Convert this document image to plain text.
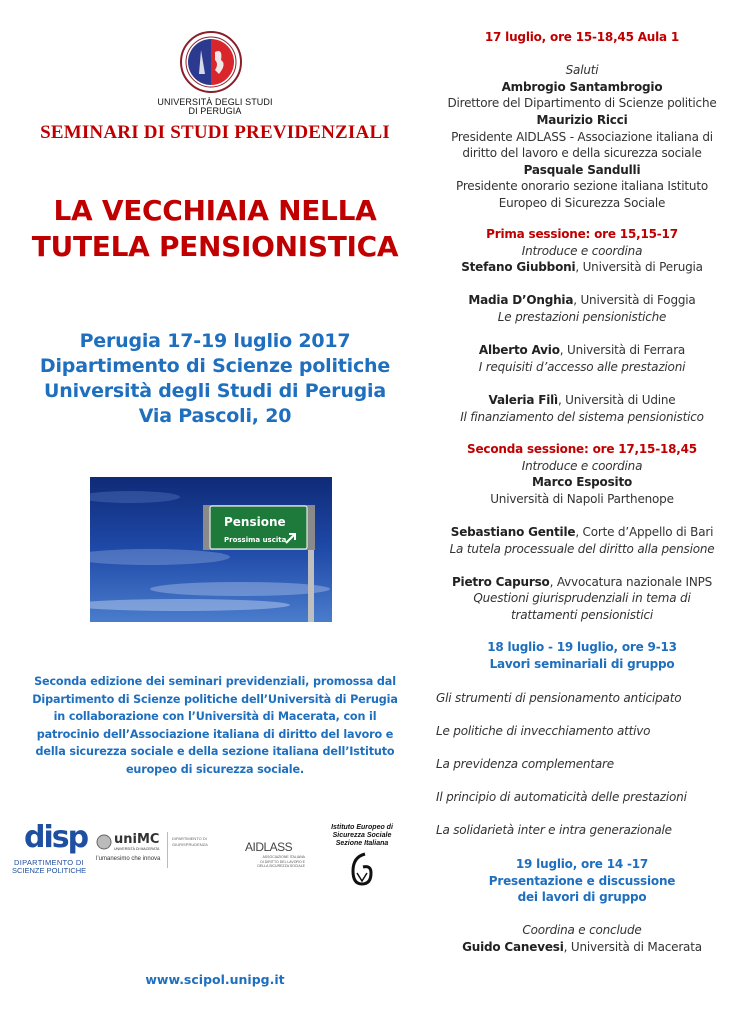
UNIVERSITÀ DEGLI STUDI
DI PERUGIA
SEMINARI DI STUDI PREVIDENZIALI
LA VECCHIAIA NELLA
TUTELA PENSIONISTICA
Perugia 17-19 luglio 2017
Dipartimento di Scienze politiche
Università degli Studi di Perugia
Via Pascoli, 20
Pensione
Prossima uscita
Seconda edizione dei seminari previdenziali, promossa dal
Dipartimento di Scienze politiche dell’Università di Perugia
in collaborazione con l’Università di Macerata, con il
patrocinio dell’Associazione italiana di diritto del lavoro e
della sicurezza sociale e della sezione italiana dell’Istituto
europeo di sicurezza sociale.
disp
DIPARTIMENTO DI
SCIENZE POLITICHE
uniMC
UNIVERSITÀ DI MACERATA
l’umanesimo che innova
DIPARTIMENTO DI
GIURISPRUDENZA	AIDLASS
ASSOCIAZIONE ITALIANA
DI DIRITTO DEL LAVORO E
DELLA SICUREZZA SOCIALE
Istituto Europeo di
Sicurezza Sociale
Sezione Italiana
www.scipol.unipg.it
17 luglio, ore 15-18,45 Aula 1
Saluti
Ambrogio Santambrogio
Direttore del Dipartimento di Scienze politiche
Maurizio Ricci
Presidente AIDLASS - Associazione italiana di
diritto del lavoro e della sicurezza sociale
Pasquale Sandulli
Presidente onorario sezione italiana Istituto
Europeo di Sicurezza Sociale
Prima sessione: ore 15,15-17
Introduce e coordina
Stefano Giubboni, Università di Perugia
Madia D’Onghia, Università di Foggia
Le prestazioni pensionistiche
Alberto Avio, Università di Ferrara
I requisiti d’accesso alle prestazioni
Valeria Filì, Università di Udine
Il finanziamento del sistema pensionistico
Seconda sessione: ore 17,15-18,45
Introduce e coordina
Marco Esposito
Università di Napoli Parthenope
Sebastiano Gentile, Corte d’Appello di Bari
La tutela processuale del diritto alla pensione
Pietro Capurso, Avvocatura nazionale INPS
Questioni giurisprudenziali in tema di
trattamenti pensionistici
18 luglio - 19 luglio, ore 9-13
Lavori seminariali di gruppo
Gli strumenti di pensionamento anticipato
Le politiche di invecchiamento attivo
La previdenza complementare
Il principio di automaticità delle prestazioni
La solidarietà inter e intra generazionale
19 luglio, ore 14 -17
Presentazione e discussione
dei lavori di gruppo
Coordina e conclude
Guido Canevesi, Università di Macerata
